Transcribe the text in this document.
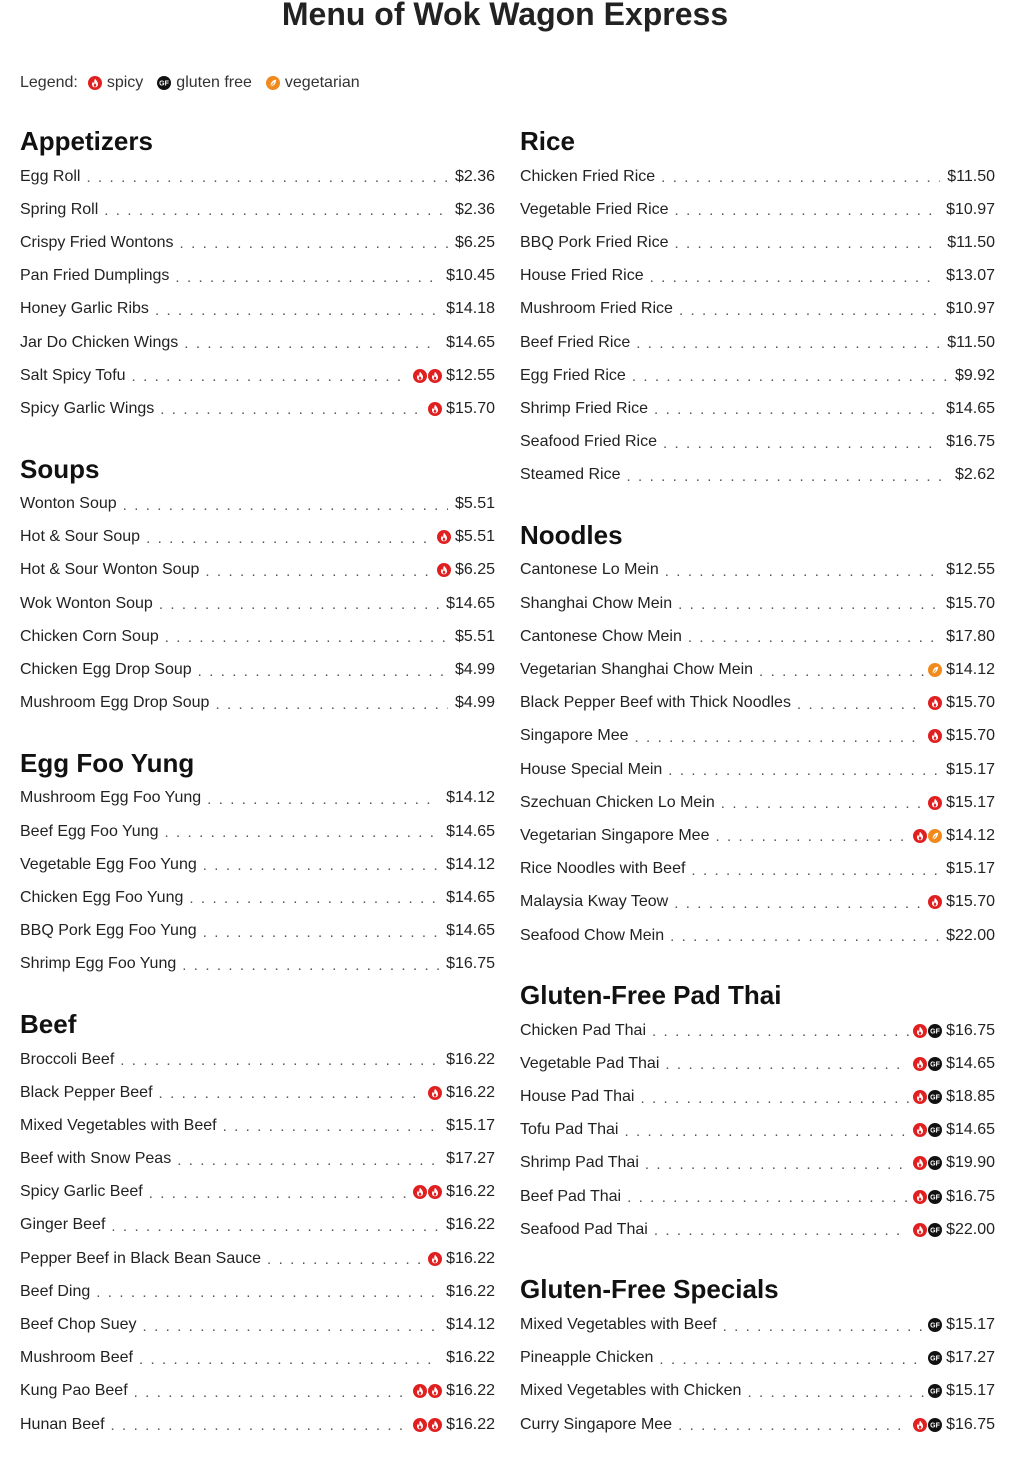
Menu of Wok Wagon Express
Legend: spicy GF gluten free vegetarian
Appetizers
Egg Roll . . .	$2.36
Spring Roll . . .	$2.36
Crispy Fried Wontons . . .	$6.25
Pan Fried Dumplings . . .	$10.45
Honey Garlic Ribs . . .	$14.18
Jar Do Chicken Wings . . .	$14.65
Salt Spicy Tofu . . .	$12.55
Spicy Garlic Wings . . .	$15.70
Soups
Wonton Soup . . .	$5.51
Hot & Sour Soup . . .	$5.51
Hot & Sour Wonton Soup . . .	$6.25
Wok Wonton Soup . . .	$14.65
Chicken Corn Soup . . .	$5.51
Chicken Egg Drop Soup . . .	$4.99
Mushroom Egg Drop Soup . . .	$4.99
Egg Foo Yung
Mushroom Egg Foo Yung . . .	$14.12
Beef Egg Foo Yung . . .	$14.65
Vegetable Egg Foo Yung . . .	$14.12
Chicken Egg Foo Yung . . .	$14.65
BBQ Pork Egg Foo Yung . . .	$14.65
Shrimp Egg Foo Yung . . .	$16.75
Beef
Broccoli Beef . . .	$16.22
Black Pepper Beef . . .	$16.22
Mixed Vegetables with Beef . . .	$15.17
Beef with Snow Peas . . .	$17.27
Spicy Garlic Beef . . .	$16.22
Ginger Beef . . .	$16.22
Pepper Beef in Black Bean Sauce . . .	$16.22
Beef Ding . . .	$16.22
Beef Chop Suey . . .	$14.12
Mushroom Beef . . .	$16.22
Kung Pao Beef . . .	$16.22
Hunan Beef . . .	$16.22
Rice
Chicken Fried Rice . . .	$11.50
Vegetable Fried Rice . . .	$10.97
BBQ Pork Fried Rice . . .	$11.50
House Fried Rice . . .	$13.07
Mushroom Fried Rice . . .	$10.97
Beef Fried Rice . . .	$11.50
Egg Fried Rice . . .	$9.92
Shrimp Fried Rice . . .	$14.65
Seafood Fried Rice . . .	$16.75
Steamed Rice . . .	$2.62
Noodles
Cantonese Lo Mein . . .	$12.55
Shanghai Chow Mein . . .	$15.70
Cantonese Chow Mein . . .	$17.80
Vegetarian Shanghai Chow Mein . . .	$14.12
Black Pepper Beef with Thick Noodles . . .	$15.70
Singapore Mee . . .	$15.70
House Special Mein . . .	$15.17
Szechuan Chicken Lo Mein . . .	$15.17
Vegetarian Singapore Mee . . .	$14.12
Rice Noodles with Beef . . .	$15.17
Malaysia Kway Teow . . .	$15.70
Seafood Chow Mein . . .	$22.00
Gluten-Free Pad Thai
Chicken Pad Thai . . .	GF $16.75
Vegetable Pad Thai . . .	GF $14.65
House Pad Thai . . .	GF $18.85
Tofu Pad Thai . . .	GF $14.65
Shrimp Pad Thai . . .	GF $19.90
Beef Pad Thai . . .	GF $16.75
Seafood Pad Thai . . .	GF $22.00
Gluten-Free Specials
Mixed Vegetables with Beef . . .	GF $15.17
Pineapple Chicken . . .	GF $17.27
Mixed Vegetables with Chicken . . .	GF $15.17
Curry Singapore Mee . . .	GF $16.75
